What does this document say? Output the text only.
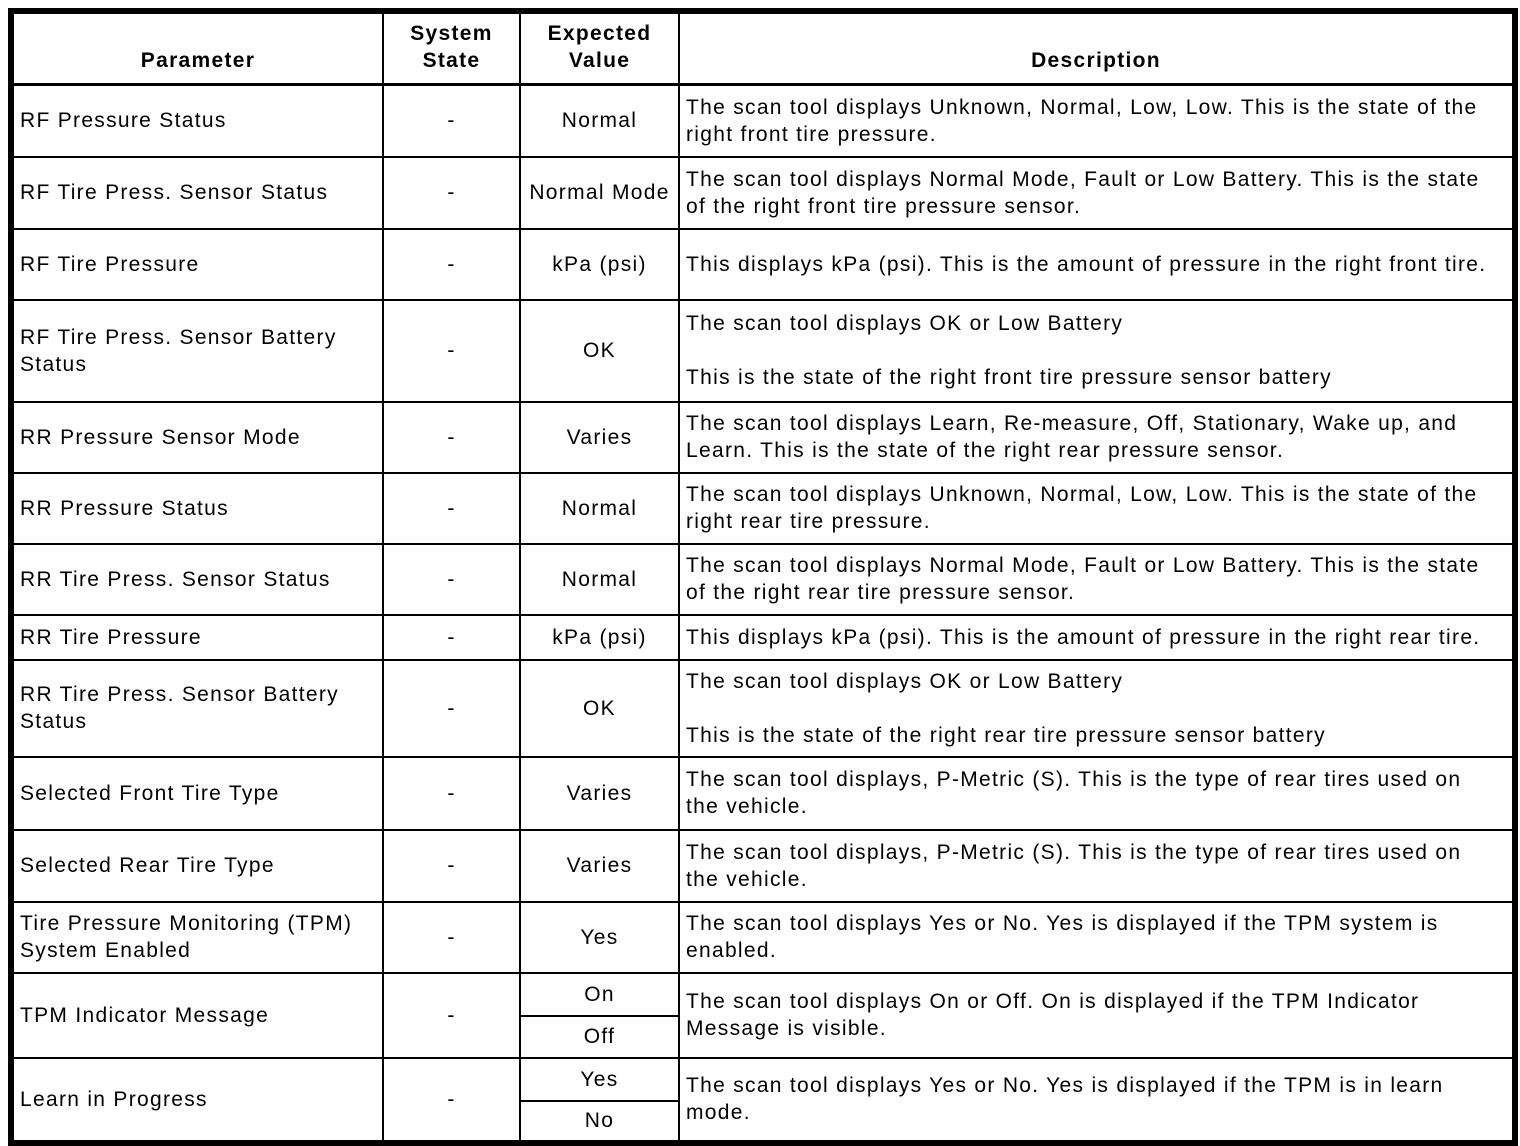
Parameter	System State	Expected Value	Description
RF Pressure Status	-	Normal	The scan tool displays Unknown, Normal, Low, Low. This is the state of the right front tire pressure.

RF Tire Press. Sensor Status	-	Normal Mode	The scan tool displays Normal Mode, Fault or Low Battery. This is the state of the right front tire pressure sensor.

RF Tire Pressure	-	kPa (psi)	This displays kPa (psi). This is the amount of pressure in the right front tire.

RF Tire Press. Sensor Battery Status	-	OK	The scan tool displays OK or Low Battery

This is the state of the right front tire pressure sensor battery

RR Pressure Sensor Mode	-	Varies	The scan tool displays Learn, Re-measure, Off, Stationary, Wake up, and Learn. This is the state of the right rear pressure sensor.

RR Pressure Status	-	Normal	The scan tool displays Unknown, Normal, Low, Low. This is the state of the right rear tire pressure.

RR Tire Press. Sensor Status	-	Normal	The scan tool displays Normal Mode, Fault or Low Battery. This is the state of the right rear tire pressure sensor.

RR Tire Pressure	-	kPa (psi)	This displays kPa (psi). This is the amount of pressure in the right rear tire.

RR Tire Press. Sensor Battery Status	-	OK	The scan tool displays OK or Low Battery

This is the state of the right rear tire pressure sensor battery

Selected Front Tire Type	-	Varies	The scan tool displays, P-Metric (S). This is the type of rear tires used on the vehicle.

Selected Rear Tire Type	-	Varies	The scan tool displays, P-Metric (S). This is the type of rear tires used on the vehicle.

Tire Pressure Monitoring (TPM) System Enabled	-	Yes	The scan tool displays Yes or No. Yes is displayed if the TPM system is enabled.

TPM Indicator Message	-	On	The scan tool displays On or Off. On is displayed if the TPM Indicator Message is visible.

		Off	
Learn in Progress	-	Yes	The scan tool displays Yes or No. Yes is displayed if the TPM is in learn mode.

		No	
